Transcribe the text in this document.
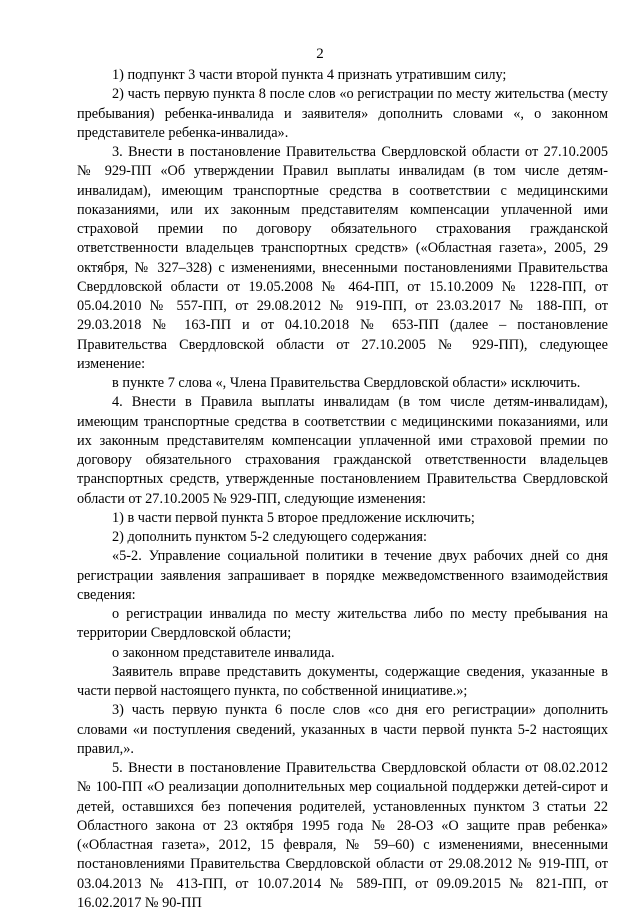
2

1) подпункт 3 части второй пункта 4 признать утратившим силу;

2) часть первую пункта 8 после слов «о регистрации по месту жительства (месту пребывания) ребенка-инвалида и заявителя» дополнить словами «, о законном представителе ребенка-инвалида».

3. Внести в постановление Правительства Свердловской области от 27.10.2005 № 929-ПП «Об утверждении Правил выплаты инвалидам (в том числе детям-инвалидам), имеющим транспортные средства в соответствии с медицинскими показаниями, или их законным представителям компенсации уплаченной ими страховой премии по договору обязательного страхования гражданской ответственности владельцев транспортных средств» («Областная газета», 2005, 29 октября, № 327–328) с изменениями, внесенными постановлениями Правительства Свердловской области от 19.05.2008 № 464-ПП, от 15.10.2009 № 1228-ПП, от 05.04.2010 № 557-ПП, от 29.08.2012 № 919-ПП, от 23.03.2017 № 188-ПП, от 29.03.2018 № 163-ПП и от 04.10.2018 № 653-ПП (далее – постановление Правительства Свердловской области от 27.10.2005 № 929-ПП), следующее изменение:

в пункте 7 слова «, Члена Правительства Свердловской области» исключить.

4. Внести в Правила выплаты инвалидам (в том числе детям-инвалидам), имеющим транспортные средства в соответствии с медицинскими показаниями, или их законным представителям компенсации уплаченной ими страховой премии по договору обязательного страхования гражданской ответственности владельцев транспортных средств, утвержденные постановлением Правительства Свердловской области от 27.10.2005 № 929-ПП, следующие изменения:

1) в части первой пункта 5 второе предложение исключить;

2) дополнить пунктом 5-2 следующего содержания:

«5-2. Управление социальной политики в течение двух рабочих дней со дня регистрации заявления запрашивает в порядке межведомственного взаимодействия сведения:

о регистрации инвалида по месту жительства либо по месту пребывания на территории Свердловской области;

о законном представителе инвалида.

Заявитель вправе представить документы, содержащие сведения, указанные в части первой настоящего пункта, по собственной инициативе.»;

3) часть первую пункта 6 после слов «со дня его регистрации» дополнить словами «и поступления сведений, указанных в части первой пункта 5-2 настоящих правил,».

5. Внести в постановление Правительства Свердловской области от 08.02.2012 № 100-ПП «О реализации дополнительных мер социальной поддержки детей-сирот и детей, оставшихся без попечения родителей, установленных пунктом 3 статьи 22 Областного закона от 23 октября 1995 года № 28-ОЗ «О защите прав ребенка» («Областная газета», 2012, 15 февраля, № 59–60) с изменениями, внесенными постановлениями Правительства Свердловской области от 29.08.2012 № 919-ПП, от 03.04.2013 № 413-ПП, от 10.07.2014 № 589-ПП, от 09.09.2015 № 821-ПП, от 16.02.2017 № 90-ПП
